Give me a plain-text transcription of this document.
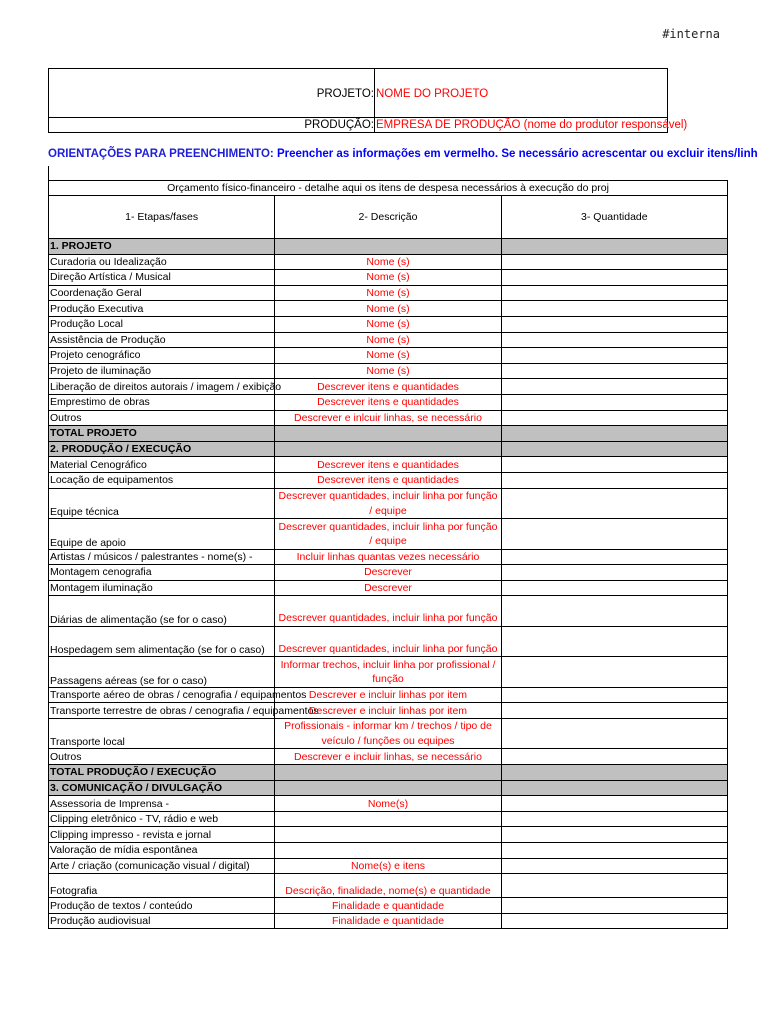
#interna
PROJETO: NOME DO PROJETO
PRODUÇÃO: EMPRESA DE PRODUÇÃO (nome do produtor responsável)
ORIENTAÇÕES PARA PREENCHIMENTO: Preencher as informações em vermelho. Se necessário acrescentar ou excluir itens/linh
Orçamento físico-financeiro - detalhe aqui os itens de despesa necessários à execução do proj		
1- Etapas/fases	2- Descrição	3- Quantidade
1. PROJETO		
Curadoria ou Idealização	Nome (s)	
Direção Artística / Musical	Nome (s)	
Coordenação Geral	Nome (s)	
Produção Executiva	Nome (s)	
Produção Local	Nome (s)	
Assistência de Produção	Nome (s)	
Projeto cenográfico	Nome (s)	
Projeto de iluminação	Nome (s)	
Liberação de direitos autorais / imagem / exibição	Descrever itens e quantidades	
Emprestimo de obras	Descrever itens e quantidades	
Outros	Descrever e inlcuir linhas, se necessário	
TOTAL PROJETO		
2. PRODUÇÃO / EXECUÇÃO		
Material Cenográfico	Descrever itens e quantidades	
Locação de equipamentos	Descrever itens e quantidades	
Equipe técnica	Descrever quantidades, incluir linha por função / equipe	
Equipe de apoio	Descrever quantidades, incluir linha por função / equipe	
Artistas / músicos / palestrantes - nome(s) -	Incluir linhas quantas vezes necessário	
Montagem cenografia	Descrever	
Montagem iluminação	Descrever	
Diárias de alimentação (se for o caso)	Descrever quantidades, incluir linha por função	
Hospedagem sem alimentação (se for o caso)	Descrever quantidades, incluir linha por função	
Passagens aéreas (se for o caso)	Informar trechos, incluir linha por profissional / função	
Transporte aéreo de obras / cenografia / equipamentos	Descrever e incluir linhas por item	
Transporte terrestre de obras / cenografia / equipamentos	Descrever e incluir linhas por item	
Transporte local	Profissionais - informar km / trechos / tipo de veículo / funções ou equipes	
Outros	Descrever e incluir linhas, se necessário	
TOTAL PRODUÇÃO / EXECUÇÃO		
3. COMUNICAÇÃO / DIVULGAÇÃO		
Assessoria de Imprensa -	Nome(s)	
Clipping eletrônico - TV, rádio e web		
Clipping impresso - revista e jornal		
Valoração de mídia espontânea		
Arte / criação (comunicação visual / digital)	Nome(s) e itens	
Fotografia	Descrição, finalidade, nome(s) e quantidade	
Produção de textos / conteúdo	Finalidade e quantidade	
Produção audiovisual	Finalidade e quantidade	
